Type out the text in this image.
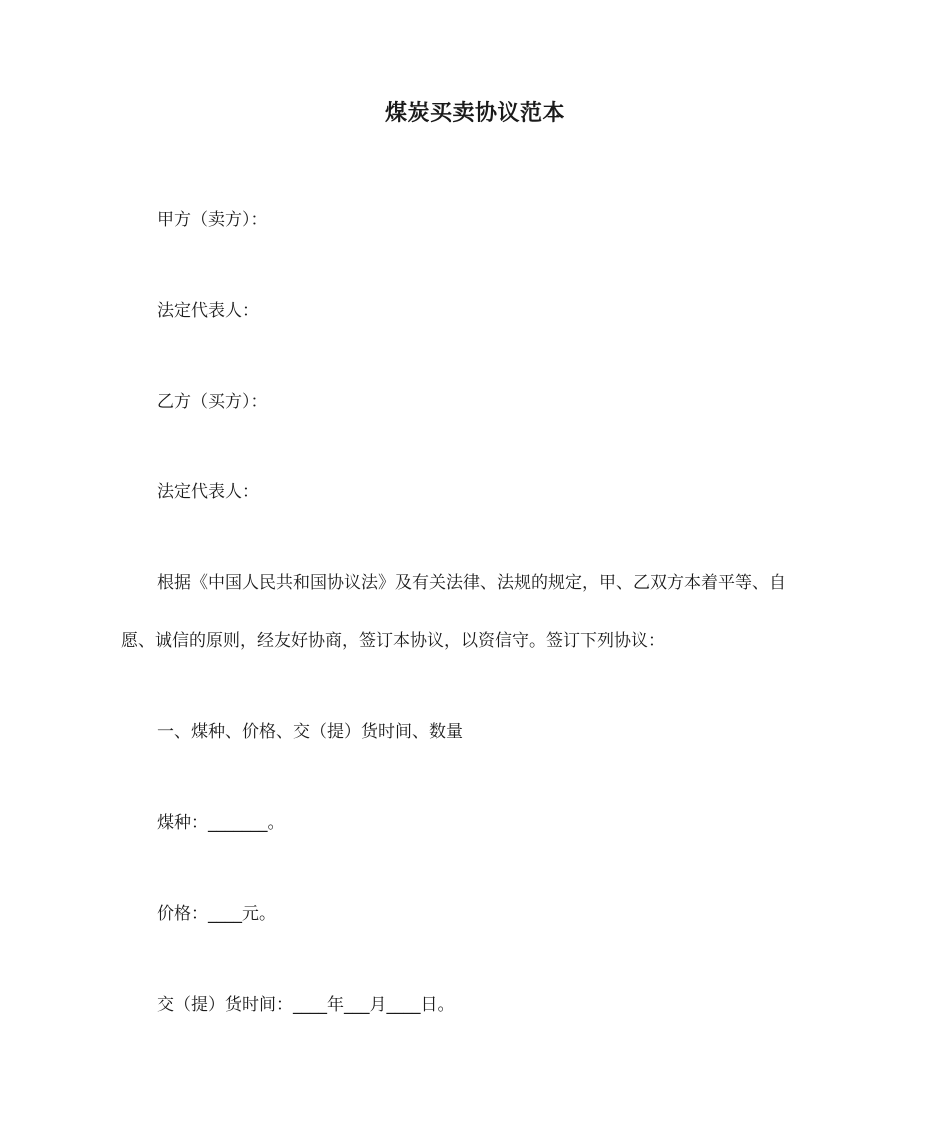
煤炭买卖协议范本
甲方（卖方）：
法定代表人：
乙方（买方）：
法定代表人：
根据《中国人民共和国协议法》及有关法律、法规的规定，甲、乙双方本着平等、自
愿、诚信的原则，经友好协商，签订本协议，以资信守。签订下列协议：
一、煤种、价格、交（提）货时间、数量
煤种：_______。
价格：____元。
交（提）货时间：____年___月____日。
